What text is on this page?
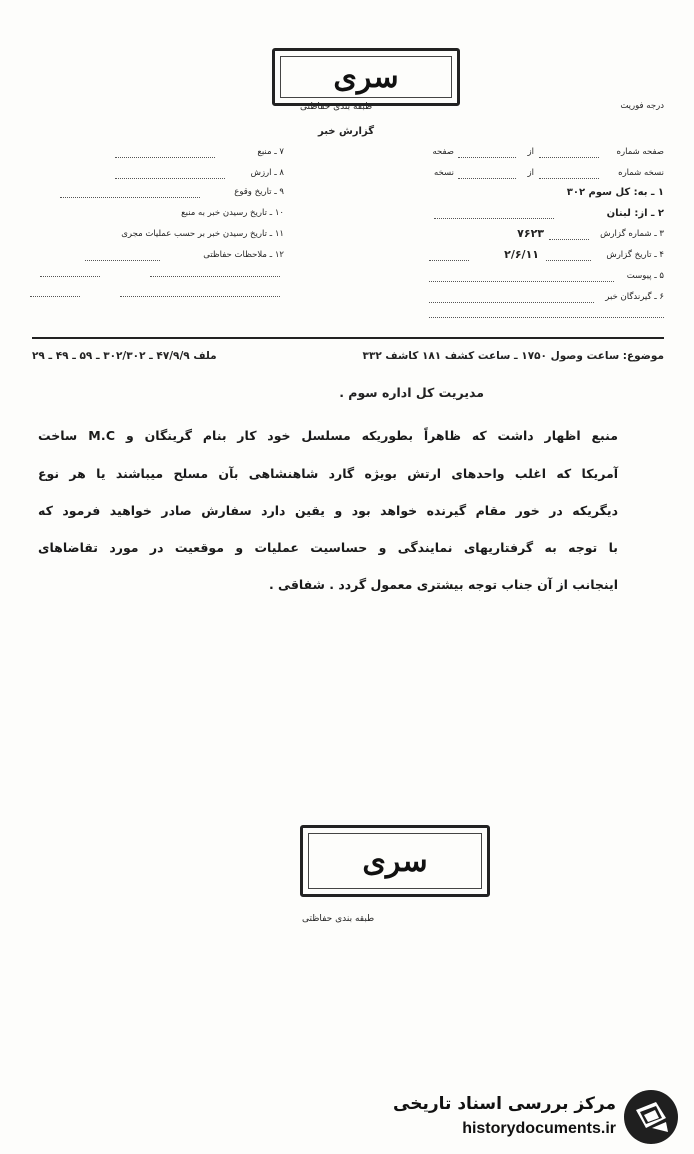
سری
طبقه بندی حفاظتی	درجه فوریت
گزارش خبر
صفحه شماره
از
صفحه
نسخه شماره
از
نسخه
۱ ـ به: کل سوم ۳۰۲
۲ ـ از: لبنان
۳ ـ شماره گزارش
۷۶۲۳
۴ ـ تاریخ گزارش
۲/۶/۱۱
۵ ـ پیوست
۶ ـ گیرندگان خبر
۷ ـ منبع
۸ ـ ارزش
۹ ـ تاریخ وقوع
۱۰ ـ تاریخ رسیدن خبر به منبع
۱۱ ـ تاریخ رسیدن خبر بر حسب عملیات مجری
۱۲ ـ ملاحظات حفاظتی
موضوع: ساعت وصول ۱۷۵۰ ـ ساعت کشف ۱۸۱ کاشف ۳۳۲
ملف ۴۷/۹/۹ ـ ۳۰۲/۳۰۲ ـ ۵۹ ـ ۴۹ ـ ۲۹
مدیریت کل اداره سوم .
منبع اظهار داشت که ظاهراً بطوریکه مسلسل خود کار بنام گرینگان و M.C ساخت
آمریکا که اغلب واحدهای ارتش بویژه گارد شاهنشاهی بآن مسلح میباشند یا هر نوع
دیگریکه در خور مقام گیرنده خواهد بود و یقین دارد سفارش صادر خواهید فرمود که
با توجه به گرفتاریهای نمایندگی و حساسیت عملیات و موقعیت در مورد تقاضاهای
اینجانب از آن جناب توجه بیشتری معمول گردد . شفاقی .
سری
طبقه بندی حفاظتی
مرکز بررسی اسناد تاریخی
historydocuments.ir
